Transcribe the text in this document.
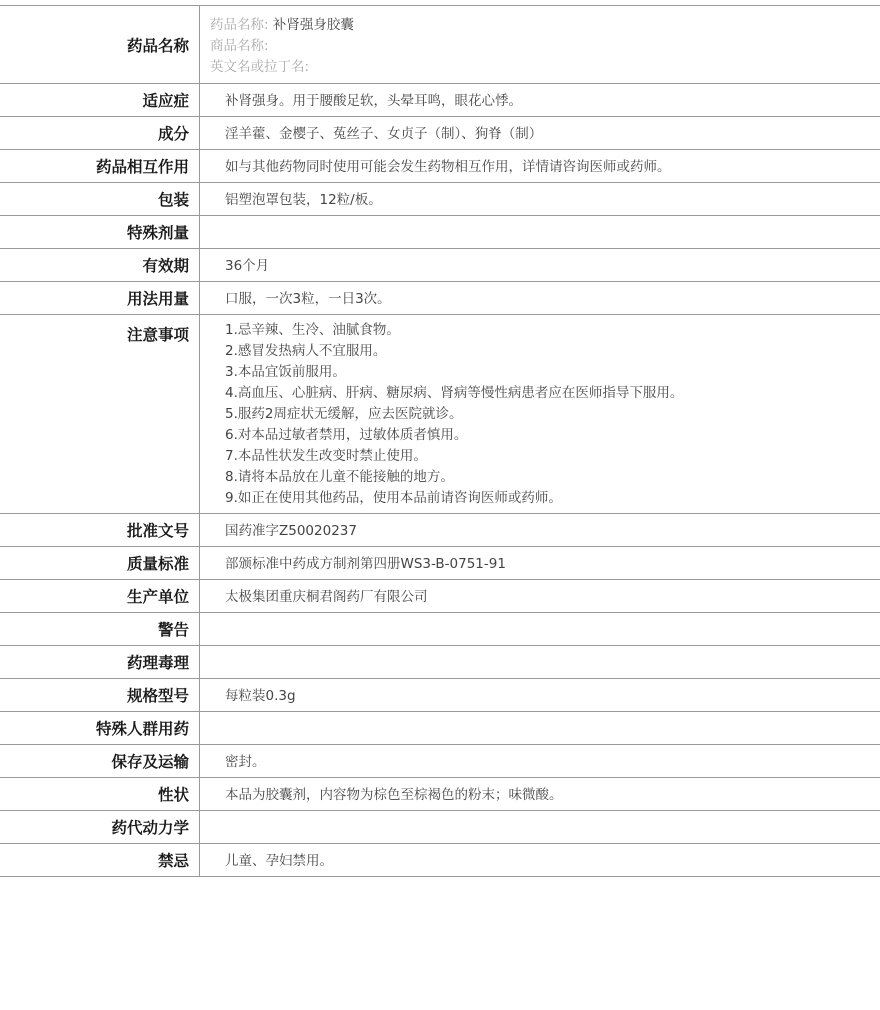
药品名称
药品名称: 补肾强身胶囊
商品名称:
英文名或拉丁名:
适应症	补肾强身。用于腰酸足软，头晕耳鸣，眼花心悸。
成分	淫羊藿、金樱子、菟丝子、女贞子（制）、狗脊（制）
药品相互作用	如与其他药物同时使用可能会发生药物相互作用，详情请咨询医师或药师。
包装	铝塑泡罩包装，12粒/板。
特殊剂量
有效期	36个月
用法用量	口服，一次3粒，一日3次。
注意事项	1.忌辛辣、生冷、油腻食物。
2.感冒发热病人不宜服用。
3.本品宜饭前服用。
4.高血压、心脏病、肝病、糖尿病、肾病等慢性病患者应在医师指导下服用。
5.服药2周症状无缓解，应去医院就诊。
6.对本品过敏者禁用，过敏体质者慎用。
7.本品性状发生改变时禁止使用。
8.请将本品放在儿童不能接触的地方。
9.如正在使用其他药品，使用本品前请咨询医师或药师。
批准文号	国药准字Z50020237
质量标准	部颁标准中药成方制剂第四册WS3-B-0751-91
生产单位	太极集团重庆桐君阁药厂有限公司
警告
药理毒理
规格型号	每粒装0.3g
特殊人群用药
保存及运输	密封。
性状	本品为胶囊剂，内容物为棕色至棕褐色的粉末；味微酸。
药代动力学
禁忌	儿童、孕妇禁用。
